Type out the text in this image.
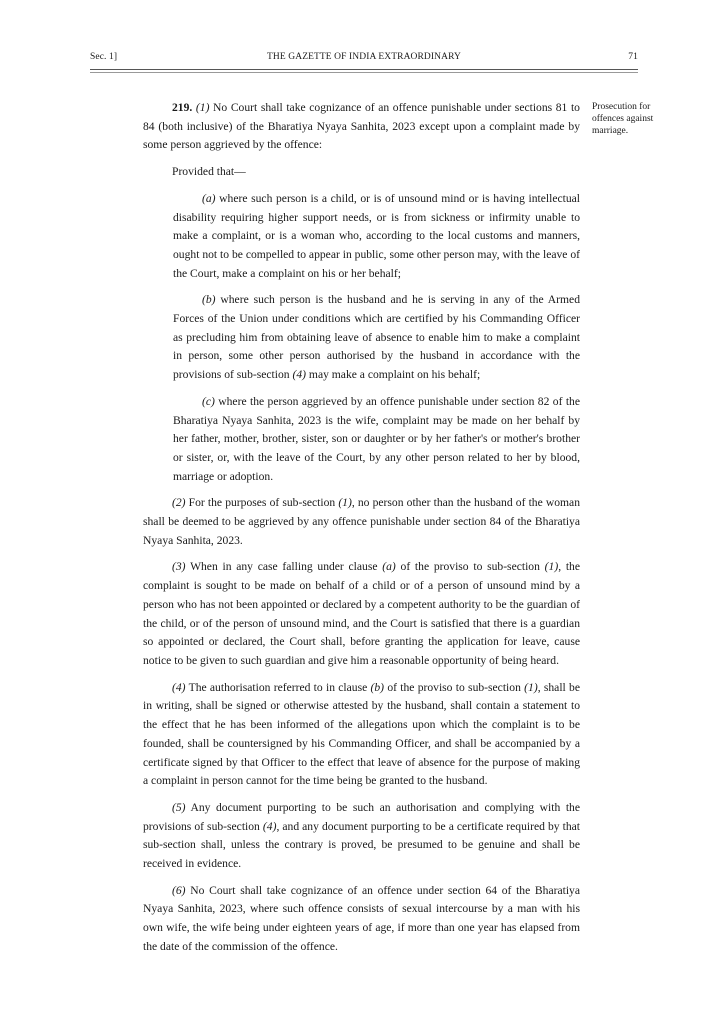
Sec. 1]	THE GAZETTE OF INDIA EXTRAORDINARY	71
Prosecution for offences against marriage.

219. (1) No Court shall take cognizance of an offence punishable under sections 81 to 84 (both inclusive) of the Bharatiya Nyaya Sanhita, 2023 except upon a complaint made by some person aggrieved by the offence:

Provided that—

(a) where such person is a child, or is of unsound mind or is having intellectual disability requiring higher support needs, or is from sickness or infirmity unable to make a complaint, or is a woman who, according to the local customs and manners, ought not to be compelled to appear in public, some other person may, with the leave of the Court, make a complaint on his or her behalf;

(b) where such person is the husband and he is serving in any of the Armed Forces of the Union under conditions which are certified by his Commanding Officer as precluding him from obtaining leave of absence to enable him to make a complaint in person, some other person authorised by the husband in accordance with the provisions of sub-section (4) may make a complaint on his behalf;

(c) where the person aggrieved by an offence punishable under section 82 of the Bharatiya Nyaya Sanhita, 2023 is the wife, complaint may be made on her behalf by her father, mother, brother, sister, son or daughter or by her father's or mother's brother or sister, or, with the leave of the Court, by any other person related to her by blood, marriage or adoption.

(2) For the purposes of sub-section (1), no person other than the husband of the woman shall be deemed to be aggrieved by any offence punishable under section 84 of the Bharatiya Nyaya Sanhita, 2023.

(3) When in any case falling under clause (a) of the proviso to sub-section (1), the complaint is sought to be made on behalf of a child or of a person of unsound mind by a person who has not been appointed or declared by a competent authority to be the guardian of the child, or of the person of unsound mind, and the Court is satisfied that there is a guardian so appointed or declared, the Court shall, before granting the application for leave, cause notice to be given to such guardian and give him a reasonable opportunity of being heard.

(4) The authorisation referred to in clause (b) of the proviso to sub-section (1), shall be in writing, shall be signed or otherwise attested by the husband, shall contain a statement to the effect that he has been informed of the allegations upon which the complaint is to be founded, shall be countersigned by his Commanding Officer, and shall be accompanied by a certificate signed by that Officer to the effect that leave of absence for the purpose of making a complaint in person cannot for the time being be granted to the husband.

(5) Any document purporting to be such an authorisation and complying with the provisions of sub-section (4), and any document purporting to be a certificate required by that sub-section shall, unless the contrary is proved, be presumed to be genuine and shall be received in evidence.

(6) No Court shall take cognizance of an offence under section 64 of the Bharatiya Nyaya Sanhita, 2023, where such offence consists of sexual intercourse by a man with his own wife, the wife being under eighteen years of age, if more than one year has elapsed from the date of the commission of the offence.
